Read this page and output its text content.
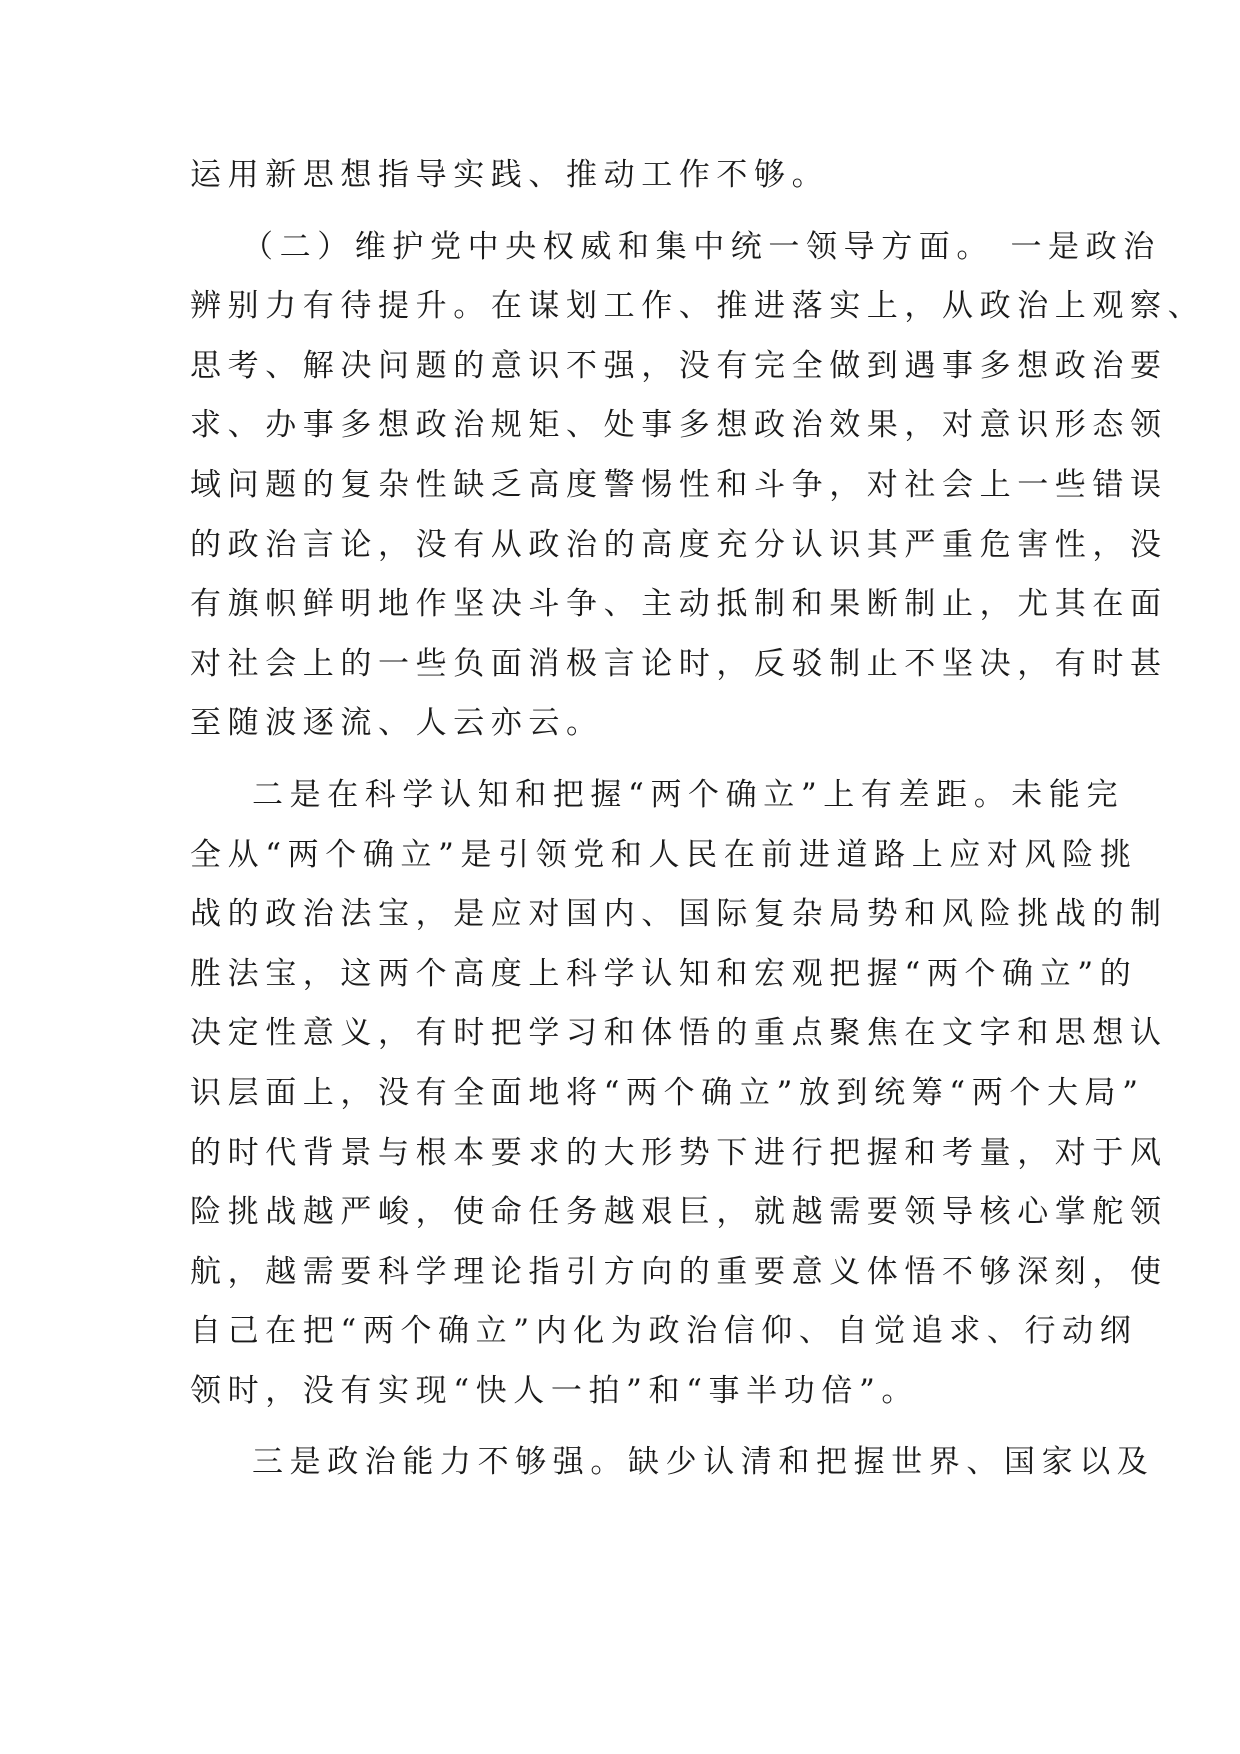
运用新思想指导实践、推动工作不够。
（二）维护党中央权威和集中统一领导方面。 一是政治
辨别力有待提升。在谋划工作、推进落实上，从政治上观察、
思考、解决问题的意识不强，没有完全做到遇事多想政治要
求、办事多想政治规矩、处事多想政治效果，对意识形态领
域问题的复杂性缺乏高度警惕性和斗争，对社会上一些错误
的政治言论，没有从政治的高度充分认识其严重危害性，没
有旗帜鲜明地作坚决斗争、主动抵制和果断制止，尤其在面
对社会上的一些负面消极言论时，反驳制止不坚决，有时甚
至随波逐流、人云亦云。
二是在科学认知和把握“两个确立”上有差距。未能完
全从“两个确立”是引领党和人民在前进道路上应对风险挑
战的政治法宝，是应对国内、国际复杂局势和风险挑战的制
胜法宝，这两个高度上科学认知和宏观把握“两个确立”的
决定性意义，有时把学习和体悟的重点聚焦在文字和思想认
识层面上，没有全面地将“两个确立”放到统筹“两个大局”
的时代背景与根本要求的大形势下进行把握和考量，对于风
险挑战越严峻，使命任务越艰巨，就越需要领导核心掌舵领
航，越需要科学理论指引方向的重要意义体悟不够深刻，使
自己在把“两个确立”内化为政治信仰、自觉追求、行动纲
领时，没有实现“快人一拍”和“事半功倍”。
三是政治能力不够强。缺少认清和把握世界、国家以及
